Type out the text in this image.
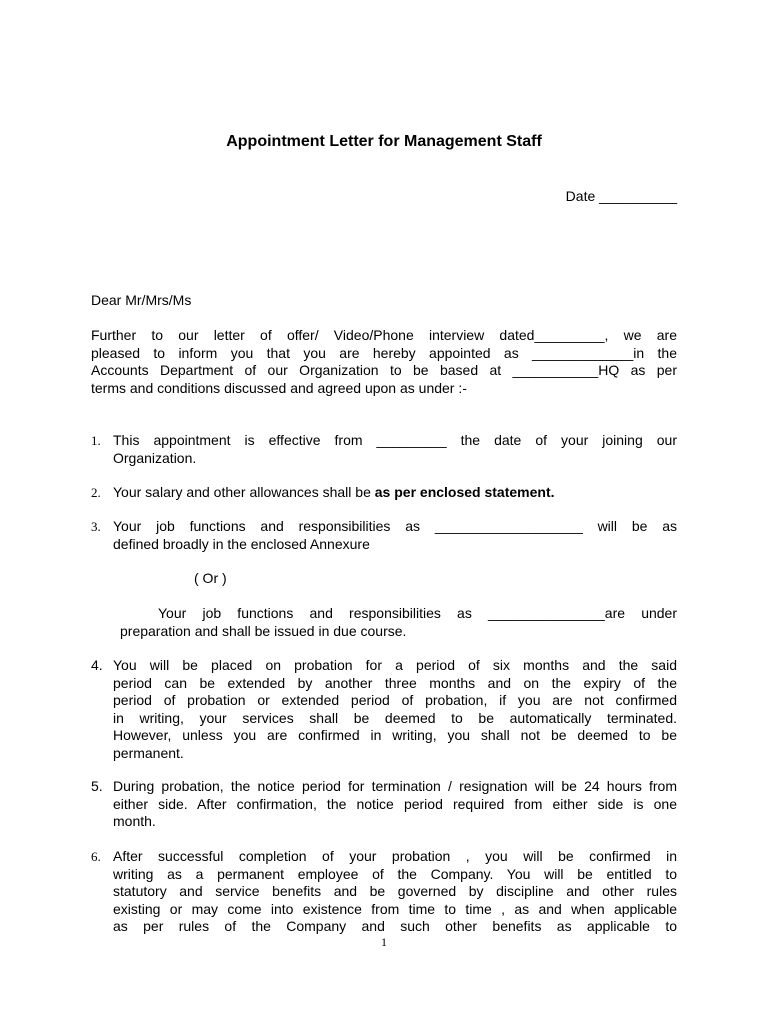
Appointment Letter for Management Staff
Date __________
Dear Mr/Mrs/Ms
Further to our letter of offer/ Video/Phone interview dated_________, we are
pleased to inform you that you are hereby appointed as _____________in the
Accounts Department of our Organization to be based at ___________HQ as per
terms and conditions discussed and agreed upon as under :-
1. This appointment is effective from _________ the date of your joining our
Organization.
2. Your salary and other allowances shall be as per enclosed statement.
3. Your job functions and responsibilities as ___________________ will be as
defined broadly in the enclosed Annexure
( Or )
Your job functions and responsibilities as _______________are under
preparation and shall be issued in due course.
4. You will be placed on probation for a period of six months and the said
period can be extended by another three months and on the expiry of the
period of probation or extended period of probation, if you are not confirmed
in writing, your services shall be deemed to be automatically terminated.
However, unless you are confirmed in writing, you shall not be deemed to be
permanent.
5. During probation, the notice period for termination / resignation will be 24 hours from
either side. After confirmation, the notice period required from either side is one
month.
6. After successful completion of your probation , you will be confirmed in
writing as a permanent employee of the Company. You will be entitled to
statutory and service benefits and be governed by discipline and other rules
existing or may come into existence from time to time , as and when applicable
as per rules of the Company and such other benefits as applicable to
1
